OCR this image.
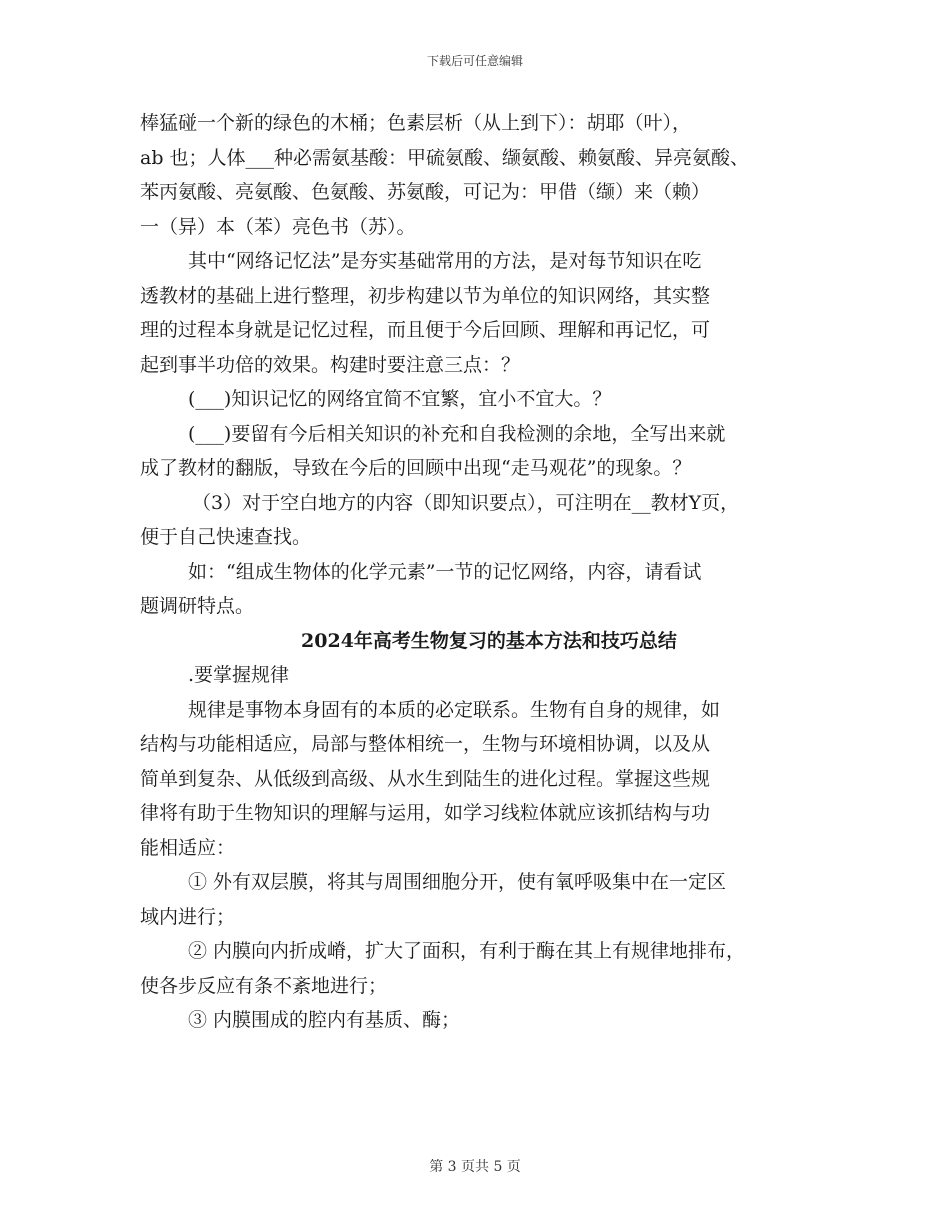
下载后可任意编辑
棒猛碰一个新的绿色的木桶；色素层析（从上到下）：胡耶（叶），
ab 也；人体___种必需氨基酸：甲硫氨酸、缬氨酸、赖氨酸、异亮氨酸、
苯丙氨酸、亮氨酸、色氨酸、苏氨酸，可记为：甲借（缬）来（赖）
一（异）本（苯）亮色书（苏）。
其中“网络记忆法”是夯实基础常用的方法，是对每节知识在吃
透教材的基础上进行整理，初步构建以节为单位的知识网络，其实整
理的过程本身就是记忆过程，而且便于今后回顾、理解和再记忆，可
起到事半功倍的效果。构建时要注意三点：？
(___)知识记忆的网络宜简不宜繁，宜小不宜大。？
(___)要留有今后相关知识的补充和自我检测的余地，全写出来就
成了教材的翻版，导致在今后的回顾中出现“走马观花”的现象。？
（3）对于空白地方的内容（即知识要点），可注明在__教材Y页，
便于自己快速查找。
如：“组成生物体的化学元素”一节的记忆网络，内容，请看试
题调研特点。
2024年高考生物复习的基本方法和技巧总结
.要掌握规律
规律是事物本身固有的本质的必定联系。生物有自身的规律，如
结构与功能相适应，局部与整体相统一，生物与环境相协调，以及从
简单到复杂、从低级到高级、从水生到陆生的进化过程。掌握这些规
律将有助于生物知识的理解与运用，如学习线粒体就应该抓结构与功
能相适应：
① 外有双层膜，将其与周围细胞分开，使有氧呼吸集中在一定区
域内进行；
② 内膜向内折成嵴，扩大了面积，有利于酶在其上有规律地排布，
使各步反应有条不紊地进行；
③ 内膜围成的腔内有基质、酶；
第 3 页共 5 页
